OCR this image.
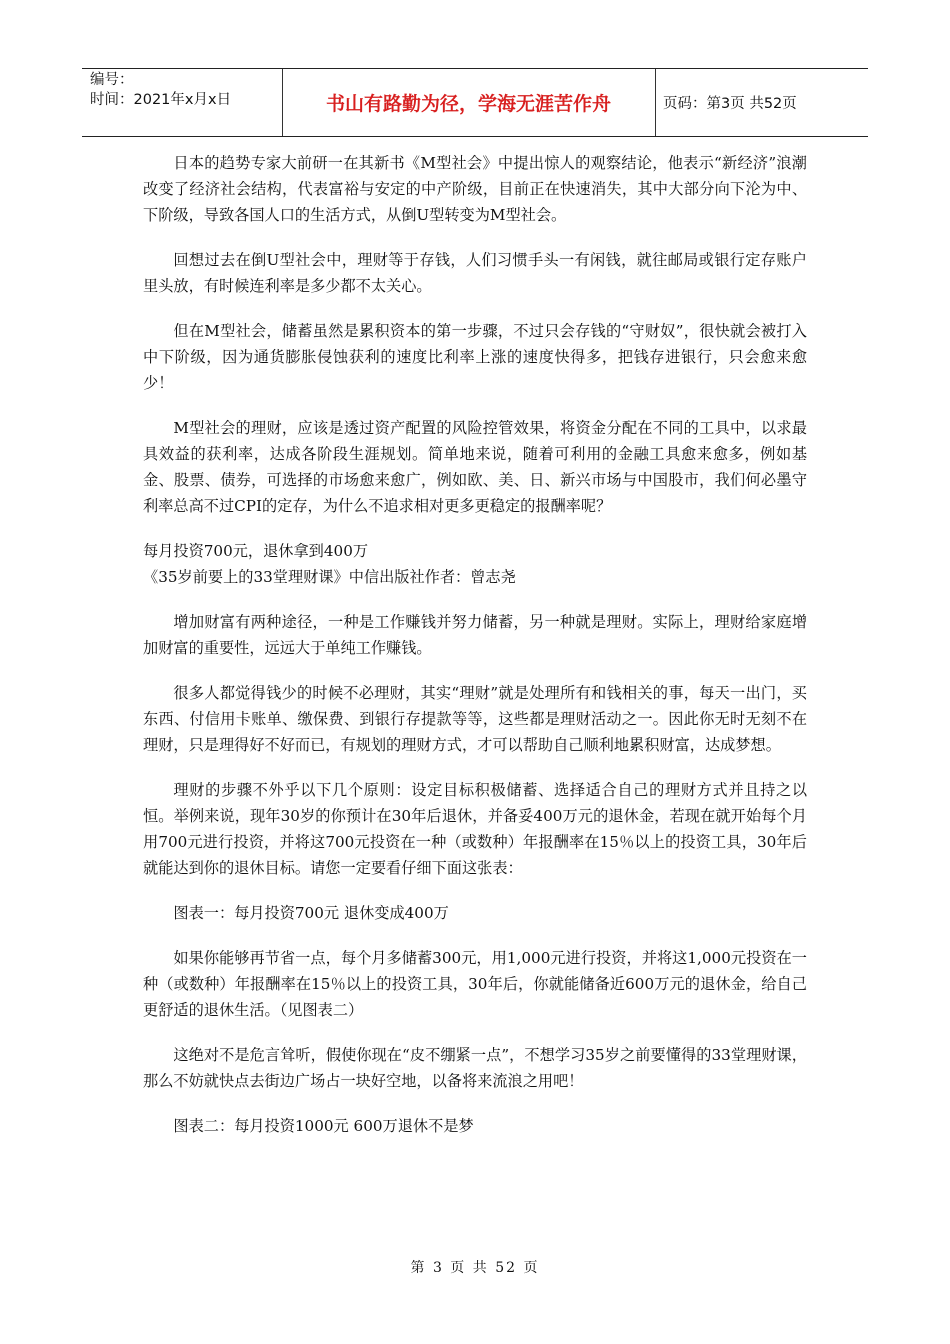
编号：
时间：2021年x月x日	书山有路勤为径，学海无涯苦作舟	页码：第3页 共52页

日本的趋势专家大前研一在其新书《M型社会》中提出惊人的观察结论，他表示“新经济”浪潮改变了经济社会结构，代表富裕与安定的中产阶级，目前正在快速消失，其中大部分向下沦为中、下阶级，导致各国人口的生活方式，从倒U型转变为M型社会。

回想过去在倒U型社会中，理财等于存钱，人们习惯手头一有闲钱，就往邮局或银行定存账户里头放，有时候连利率是多少都不太关心。

但在M型社会，储蓄虽然是累积资本的第一步骤，不过只会存钱的“守财奴”，很快就会被打入中下阶级，因为通货膨胀侵蚀获利的速度比利率上涨的速度快得多，把钱存进银行，只会愈来愈少！

M型社会的理财，应该是透过资产配置的风险控管效果，将资金分配在不同的工具中，以求最具效益的获利率，达成各阶段生涯规划。简单地来说，随着可利用的金融工具愈来愈多，例如基金、股票、债券，可选择的市场愈来愈广，例如欧、美、日、新兴市场与中国股市，我们何必墨守利率总高不过CPI的定存，为什么不追求相对更多更稳定的报酬率呢？

每月投资700元，退休拿到400万

《35岁前要上的33堂理财课》中信出版社作者：曾志尧

增加财富有两种途径，一种是工作赚钱并努力储蓄，另一种就是理财。实际上，理财给家庭增加财富的重要性，远远大于单纯工作赚钱。

很多人都觉得钱少的时候不必理财，其实“理财”就是处理所有和钱相关的事，每天一出门，买东西、付信用卡账单、缴保费、到银行存提款等等，这些都是理财活动之一。因此你无时无刻不在理财，只是理得好不好而已，有规划的理财方式，才可以帮助自己顺利地累积财富，达成梦想。

理财的步骤不外乎以下几个原则：设定目标积极储蓄、选择适合自己的理财方式并且持之以恒。举例来说，现年30岁的你预计在30年后退休，并备妥400万元的退休金，若现在就开始每个月用700元进行投资，并将这700元投资在一种（或数种）年报酬率在15％以上的投资工具，30年后就能达到你的退休目标。请您一定要看仔细下面这张表：

图表一：每月投资700元 退休变成400万

如果你能够再节省一点，每个月多储蓄300元，用1,000元进行投资，并将这1,000元投资在一种（或数种）年报酬率在15％以上的投资工具，30年后，你就能储备近600万元的退休金，给自己更舒适的退休生活。（见图表二）

这绝对不是危言耸听，假使你现在“皮不绷紧一点”，不想学习35岁之前要懂得的33堂理财课，那么不妨就快点去街边广场占一块好空地，以备将来流浪之用吧！

图表二：每月投资1000元 600万退休不是梦

第 3 页 共 52 页
